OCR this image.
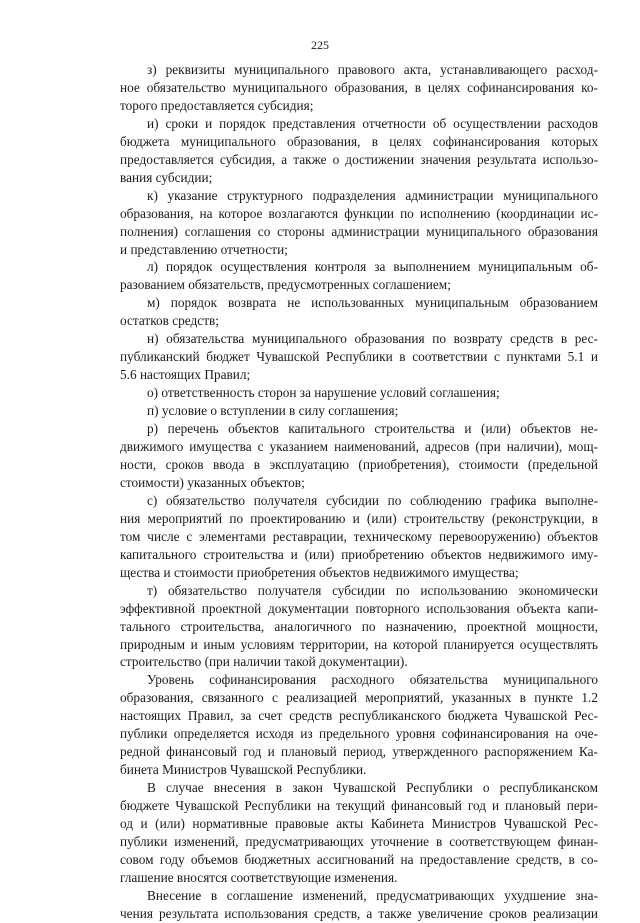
225

з) реквизиты муниципального правового акта, устанавливающего расход-
ное обязательство муниципального образования, в целях софинансирования ко-
торого предоставляется субсидия;

и) сроки и порядок представления отчетности об осуществлении расходов
бюджета муниципального образования, в целях софинансирования которых
предоставляется субсидия, а также о достижении значения результата использо-
вания субсидии;

к) указание структурного подразделения администрации муниципального
образования, на которое возлагаются функции по исполнению (координации ис-
полнения) соглашения со стороны администрации муниципального образования
и представлению отчетности;

л) порядок осуществления контроля за выполнением муниципальным об-
разованием обязательств, предусмотренных соглашением;

м) порядок возврата не использованных муниципальным образованием
остатков средств;

н) обязательства муниципального образования по возврату средств в рес-
публиканский бюджет Чувашской Республики в соответствии с пунктами 5.1 и
5.6 настоящих Правил;

о) ответственность сторон за нарушение условий соглашения;

п) условие о вступлении в силу соглашения;

р) перечень объектов капитального строительства и (или) объектов не-
движимого имущества с указанием наименований, адресов (при наличии), мощ-
ности, сроков ввода в эксплуатацию (приобретения), стоимости (предельной
стоимости) указанных объектов;

с) обязательство получателя субсидии по соблюдению графика выполне-
ния мероприятий по проектированию и (или) строительству (реконструкции, в
том числе с элементами реставрации, техническому перевооружению) объектов
капитального строительства и (или) приобретению объектов недвижимого иму-
щества и стоимости приобретения объектов недвижимого имущества;

т) обязательство получателя субсидии по использованию экономически
эффективной проектной документации повторного использования объекта капи-
тального строительства, аналогичного по назначению, проектной мощности,
природным и иным условиям территории, на которой планируется осуществлять
строительство (при наличии такой документации).

Уровень софинансирования расходного обязательства муниципального
образования, связанного с реализацией мероприятий, указанных в пункте 1.2
настоящих Правил, за счет средств республиканского бюджета Чувашской Рес-
публики определяется исходя из предельного уровня софинансирования на оче-
редной финансовый год и плановый период, утвержденного распоряжением Ка-
бинета Министров Чувашской Республики.

В случае внесения в закон Чувашской Республики о республиканском
бюджете Чувашской Республики на текущий финансовый год и плановый пери-
од и (или) нормативные правовые акты Кабинета Министров Чувашской Рес-
публики изменений, предусматривающих уточнение в соответствующем финан-
совом году объемов бюджетных ассигнований на предоставление средств, в со-
глашение вносятся соответствующие изменения.

Внесение в соглашение изменений, предусматривающих ухудшение зна-
чения результата использования средств, а также увеличение сроков реализации
